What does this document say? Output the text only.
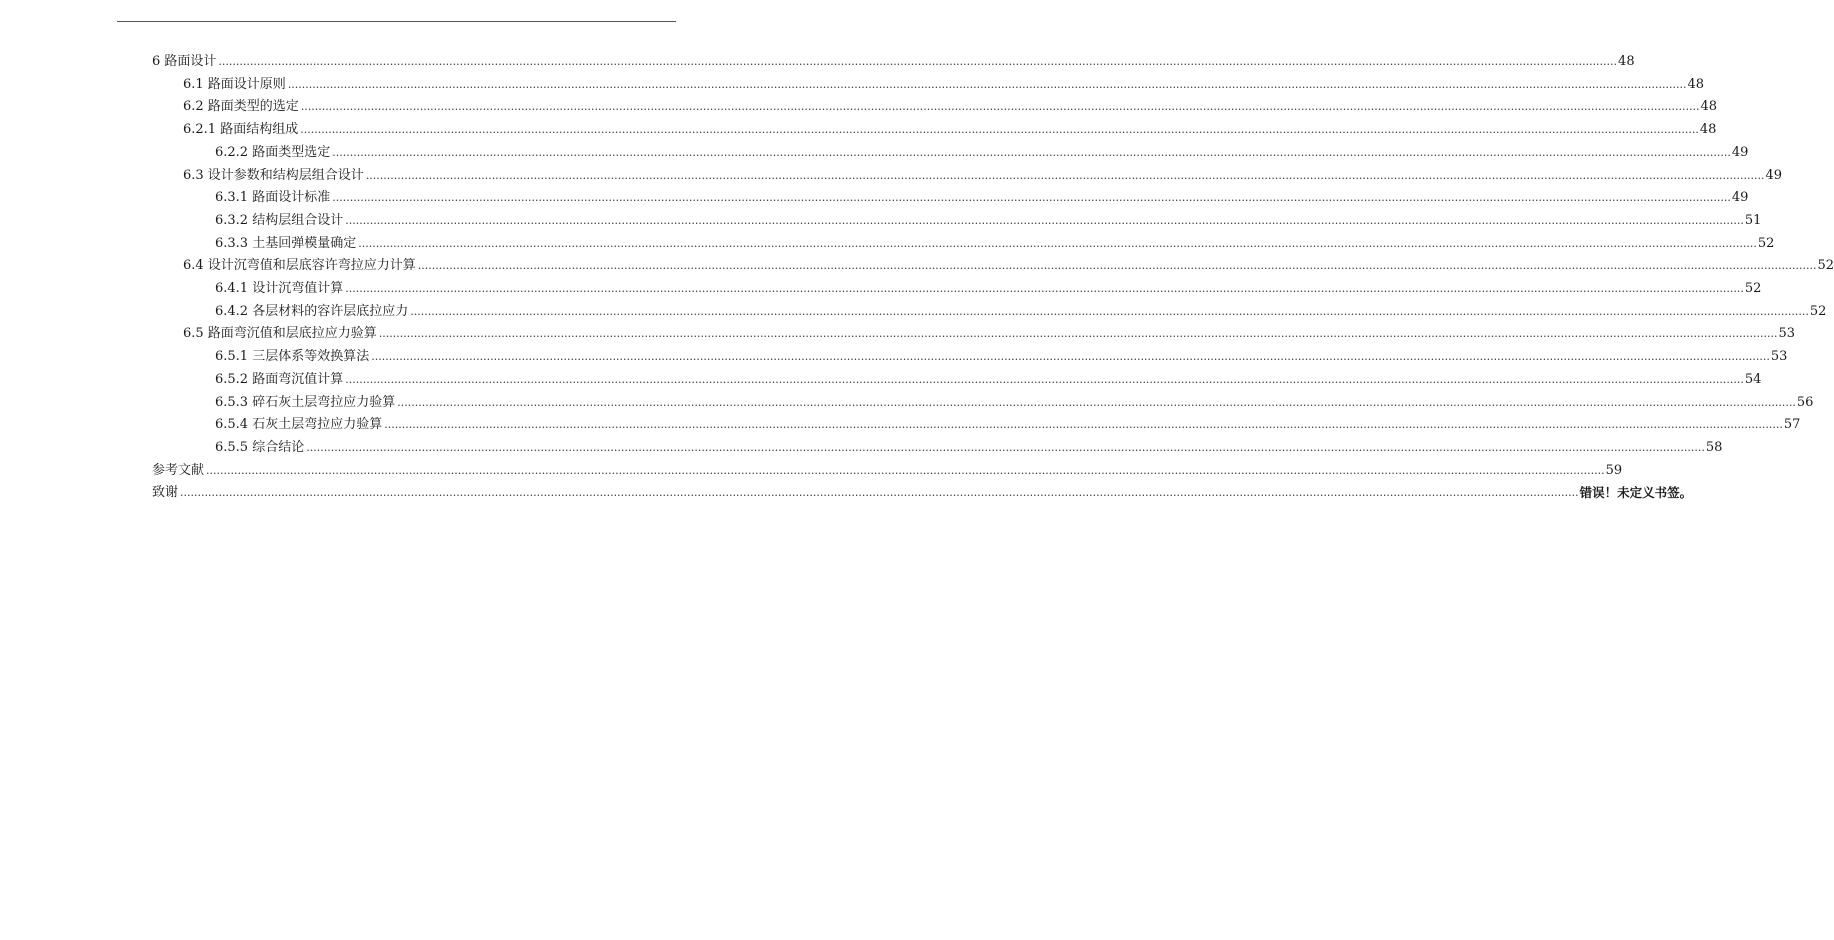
6 路面设计 ................................................................................................................................................................................................................................................................................................................................................................................................................ 48
6.1 路面设计原则 ................................................................................................................................................................................................................................................................................................................................................................................................................ 48
6.2 路面类型的选定 ................................................................................................................................................................................................................................................................................................................................................................................................................ 48
6.2.1 路面结构组成 ................................................................................................................................................................................................................................................................................................................................................................................................................ 48
6.2.2 路面类型选定 ................................................................................................................................................................................................................................................................................................................................................................................................................ 49
6.3 设计参数和结构层组合设计 ................................................................................................................................................................................................................................................................................................................................................................................................................ 49
6.3.1 路面设计标准 ................................................................................................................................................................................................................................................................................................................................................................................................................ 49
6.3.2 结构层组合设计 ................................................................................................................................................................................................................................................................................................................................................................................................................ 51
6.3.3 土基回弹模量确定 ................................................................................................................................................................................................................................................................................................................................................................................................................ 52
6.4 设计沉弯值和层底容许弯拉应力计算 ................................................................................................................................................................................................................................................................................................................................................................................................................ 52
6.4.1 设计沉弯值计算 ................................................................................................................................................................................................................................................................................................................................................................................................................ 52
6.4.2 各层材料的容许层底拉应力 ................................................................................................................................................................................................................................................................................................................................................................................................................ 52
6.5 路面弯沉值和层底拉应力验算 ................................................................................................................................................................................................................................................................................................................................................................................................................ 53
6.5.1 三层体系等效换算法 ................................................................................................................................................................................................................................................................................................................................................................................................................ 53
6.5.2 路面弯沉值计算 ................................................................................................................................................................................................................................................................................................................................................................................................................ 54
6.5.3 碎石灰土层弯拉应力验算 ................................................................................................................................................................................................................................................................................................................................................................................................................ 56
6.5.4 石灰土层弯拉应力验算 ................................................................................................................................................................................................................................................................................................................................................................................................................ 57
6.5.5 综合结论 ................................................................................................................................................................................................................................................................................................................................................................................................................ 58
参考文献 ................................................................................................................................................................................................................................................................................................................................................................................................................ 59
致谢 ................................................................................................................................................................................................................................................................................................................................................................................................................ 错误！未定义书签。
